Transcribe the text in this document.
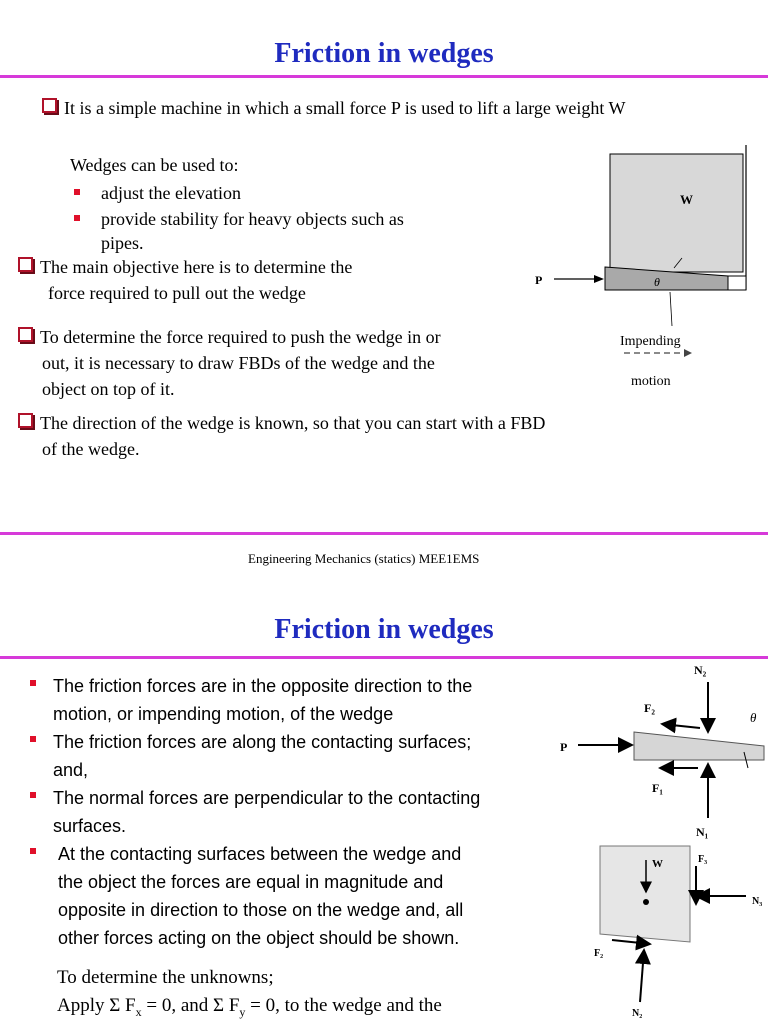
Friction in wedges
It is a simple machine in which a small force P is used to lift a large weight W
Wedges can be used to:
adjust the elevation
provide stability for heavy objects such as
pipes.
The main objective here is to determine the
force required to pull out the wedge
To determine the force required to push the wedge in or
out, it is necessary to draw FBDs of the wedge and the
object on top of it.
The direction of the wedge is known, so that you can start with a FBD
of the wedge.
W
P	θ
Impending
motion
Engineering Mechanics (statics) MEE1EMS
Friction in wedges
The friction forces are in the opposite direction to the
motion, or impending motion, of the wedge
The friction forces are along the contacting surfaces;
and,
The normal forces are perpendicular to the contacting
surfaces.
At the contacting surfaces between the wedge and
the object the forces are equal in magnitude and
opposite in direction to those on the wedge and, all
other forces acting on the object should be shown.
To determine the unknowns;
Apply Σ $F_x = 0$, and Σ $F_y = 0$, to the wedge and the
P
N₂
F₂
θ
F₁
N₁
W	F₃
N₃
F₂
N₂
